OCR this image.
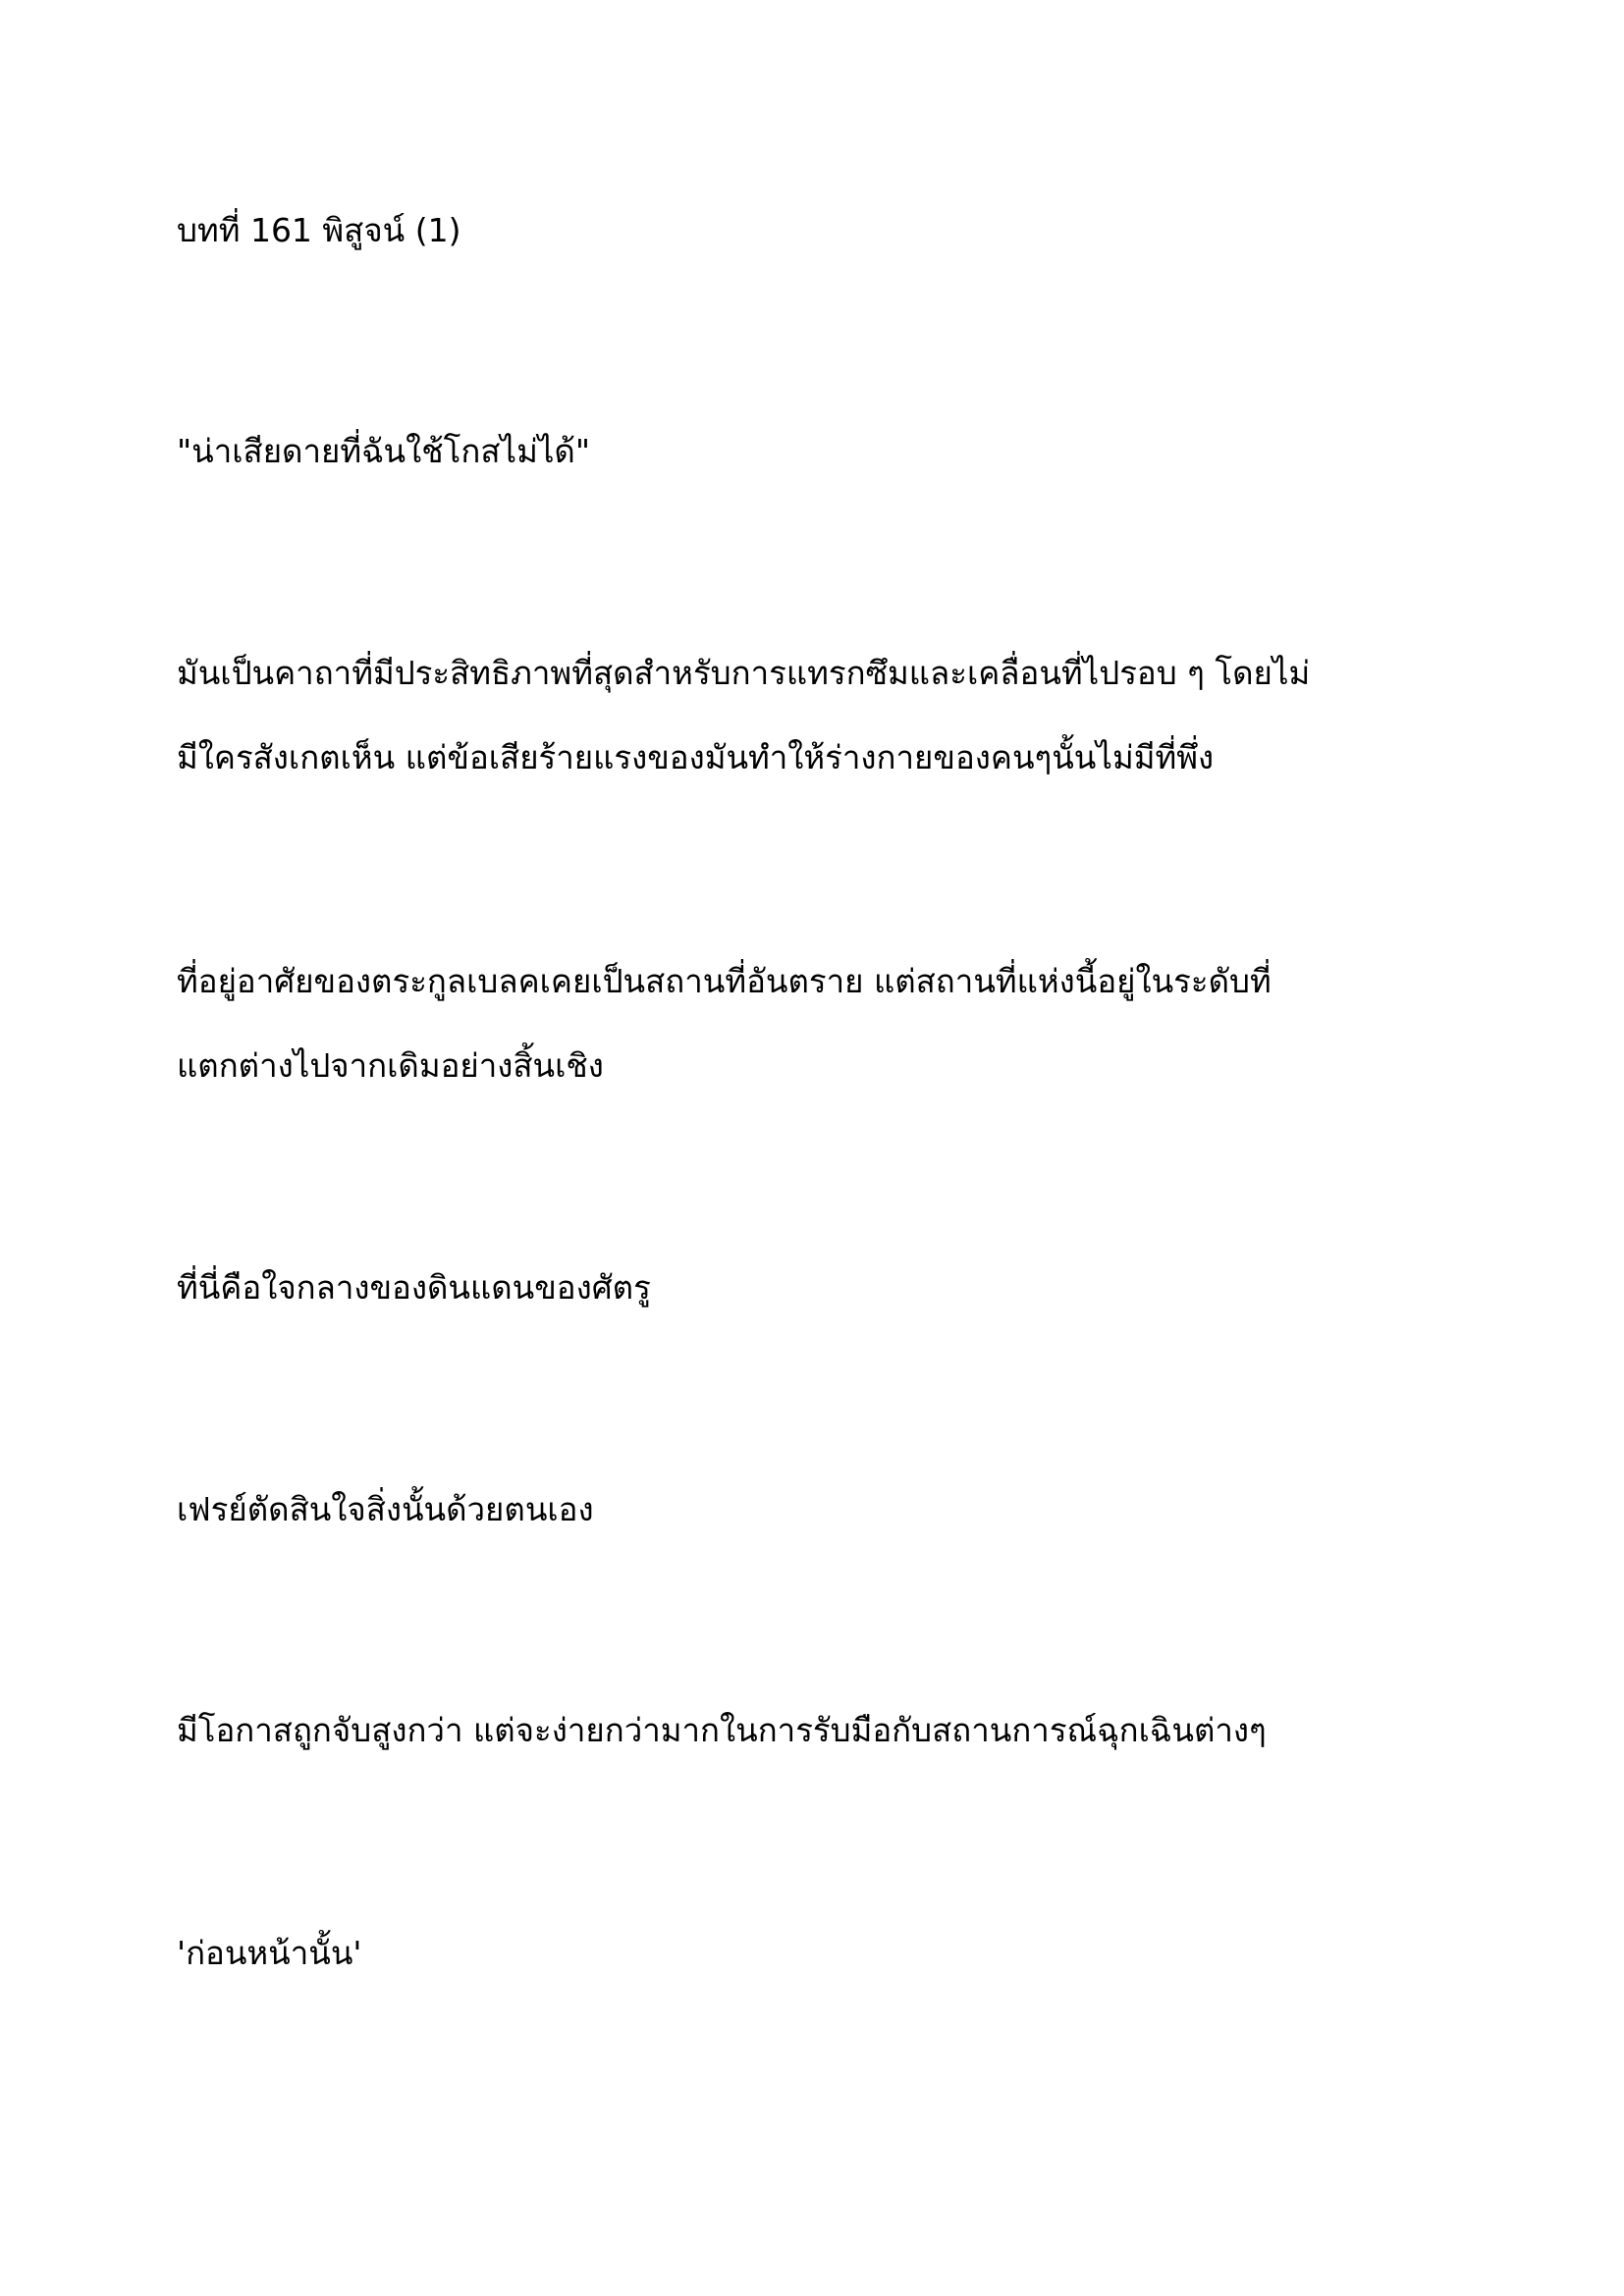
บทที่ 161 พิสูจน์ (1)

"น่าเสียดายที่ฉันใช้โกสไม่ได้"

มันเป็นคาถาที่มีประสิทธิภาพที่สุดสำหรับการแทรกซึมและเคลื่อนที่ไปรอบ ๆ โดยไม่

มีใครสังเกตเห็น แต่ข้อเสียร้ายแรงของมันทำให้ร่างกายของคนๆนั้นไม่มีที่พึ่ง

ที่อยู่อาศัยของตระกูลเบลคเคยเป็นสถานที่อันตราย แต่สถานที่แห่งนี้อยู่ในระดับที่

แตกต่างไปจากเดิมอย่างสิ้นเชิง

ที่นี่คือใจกลางของดินแดนของศัตรู

เฟรย์ตัดสินใจสิ่งนั้นด้วยตนเอง

มีโอกาสถูกจับสูงกว่า แต่จะง่ายกว่ามากในการรับมือกับสถานการณ์ฉุกเฉินต่างๆ

'ก่อนหน้านั้น'
